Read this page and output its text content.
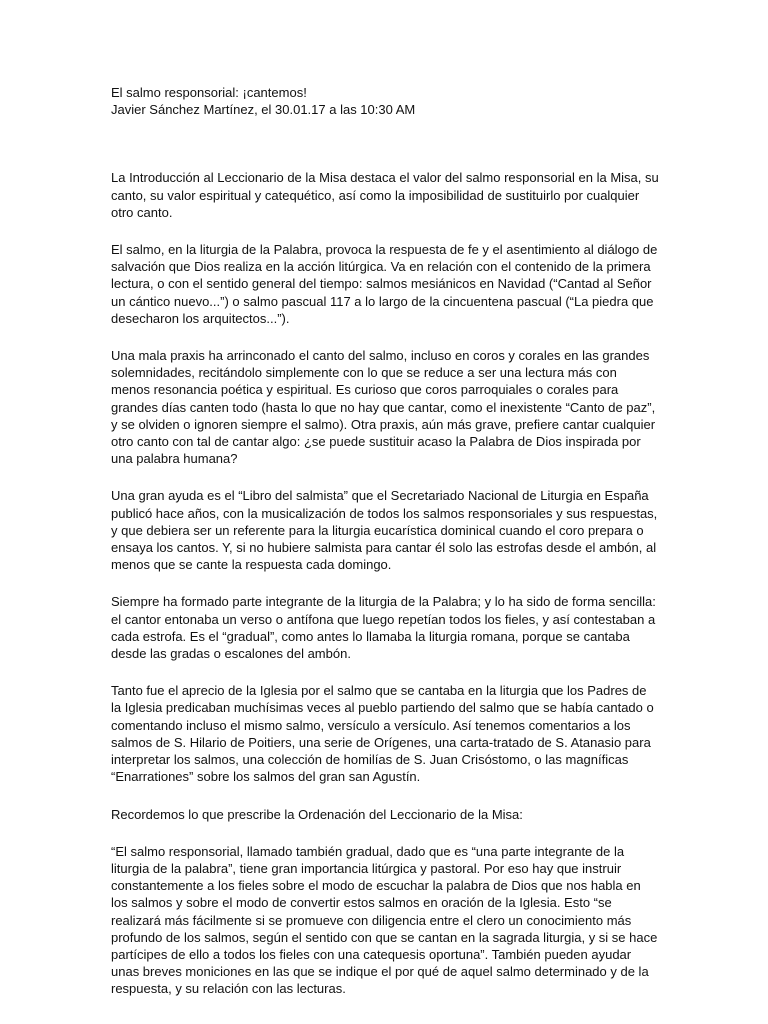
El salmo responsorial: ¡cantemos!

Javier Sánchez Martínez, el 30.01.17 a las 10:30 AM

La Introducción al Leccionario de la Misa destaca el valor del salmo responsorial en la Misa, su canto, su valor espiritual y catequético, así como la imposibilidad de sustituirlo por cualquier otro canto.

El salmo, en la liturgia de la Palabra, provoca la respuesta de fe y el asentimiento al diálogo de salvación que Dios realiza en la acción litúrgica. Va en relación con el contenido de la primera lectura, o con el sentido general del tiempo: salmos mesiánicos en Navidad (“Cantad al Señor un cántico nuevo...”) o salmo pascual 117 a lo largo de la cincuentena pascual (“La piedra que desecharon los arquitectos...”).

Una mala praxis ha arrinconado el canto del salmo, incluso en coros y corales en las grandes solemnidades, recitándolo simplemente con lo que se reduce a ser una lectura más con menos resonancia poética y espiritual. Es curioso que coros parroquiales o corales para grandes días canten todo (hasta lo que no hay que cantar, como el inexistente “Canto de paz”, y se olviden o ignoren siempre el salmo). Otra praxis, aún más grave, prefiere cantar cualquier otro canto con tal de cantar algo: ¿se puede sustituir acaso la Palabra de Dios inspirada por una palabra humana?

Una gran ayuda es el “Libro del salmista” que el Secretariado Nacional de Liturgia en España publicó hace años, con la musicalización de todos los salmos responsoriales y sus respuestas, y que debiera ser un referente para la liturgia eucarística dominical cuando el coro prepara o ensaya los cantos. Y, si no hubiere salmista para cantar él solo las estrofas desde el ambón, al menos que se cante la respuesta cada domingo.

Siempre ha formado parte integrante de la liturgia de la Palabra; y lo ha sido de forma sencilla: el cantor entonaba un verso o antífona que luego repetían todos los fieles, y así contestaban a cada estrofa. Es el “gradual”, como antes lo llamaba la liturgia romana, porque se cantaba desde las gradas o escalones del ambón.

Tanto fue el aprecio de la Iglesia por el salmo que se cantaba en la liturgia que los Padres de la Iglesia predicaban muchísimas veces al pueblo partiendo del salmo que se había cantado o comentando incluso el mismo salmo, versículo a versículo. Así tenemos comentarios a los salmos de S. Hilario de Poitiers, una serie de Orígenes, una carta-tratado de S. Atanasio para interpretar los salmos, una colección de homilías de S. Juan Crisóstomo, o las magníficas “Enarrationes” sobre los salmos del gran san Agustín.

Recordemos lo que prescribe la Ordenación del Leccionario de la Misa:

“El salmo responsorial, llamado también gradual, dado que es “una parte integrante de la liturgia de la palabra”, tiene gran importancia litúrgica y pastoral. Por eso hay que instruir constantemente a los fieles sobre el modo de escuchar la palabra de Dios que nos habla en los salmos y sobre el modo de convertir estos salmos en oración de la Iglesia. Esto “se realizará más fácilmente si se promueve con diligencia entre el clero un conocimiento más profundo de los salmos, según el sentido con que se cantan en la sagrada liturgia, y si se hace partícipes de ello a todos los fieles con una catequesis oportuna”. También pueden ayudar unas breves moniciones en las que se indique el por qué de aquel salmo determinado y de la respuesta, y su relación con las lecturas.
